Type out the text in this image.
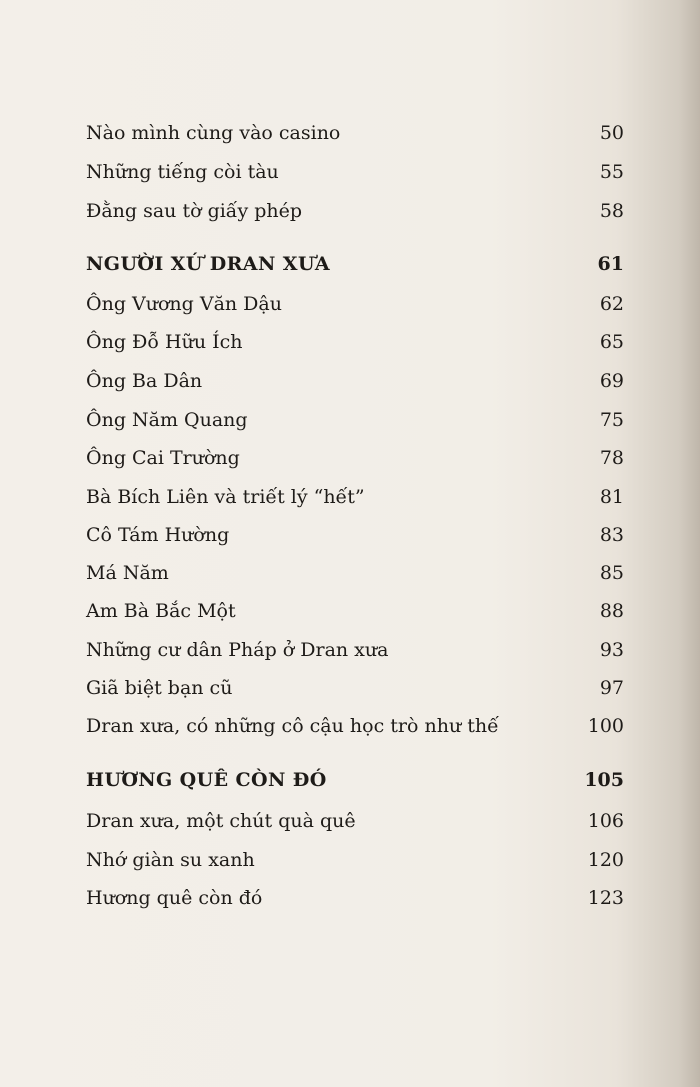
Nào mình cùng vào casino	50
Những tiếng còi tàu	55
Đằng sau tờ giấy phép	58
NGƯỜI XỨ DRAN XƯA	61
Ông Vương Văn Dậu	62
Ông Đỗ Hữu Ích	65
Ông Ba Dân	69
Ông Năm Quang	75
Ông Cai Trường	78
Bà Bích Liên và triết lý “hết”	81
Cô Tám Hường	83
Má Năm	85
Am Bà Bắc Một	88
Những cư dân Pháp ở Dran xưa	93
Giã biệt bạn cũ	97
Dran xưa, có những cô cậu học trò như thế	100
HƯƠNG QUÊ CÒN ĐÓ	105
Dran xưa, một chút quà quê	106
Nhớ giàn su xanh	120
Hương quê còn đó	123
